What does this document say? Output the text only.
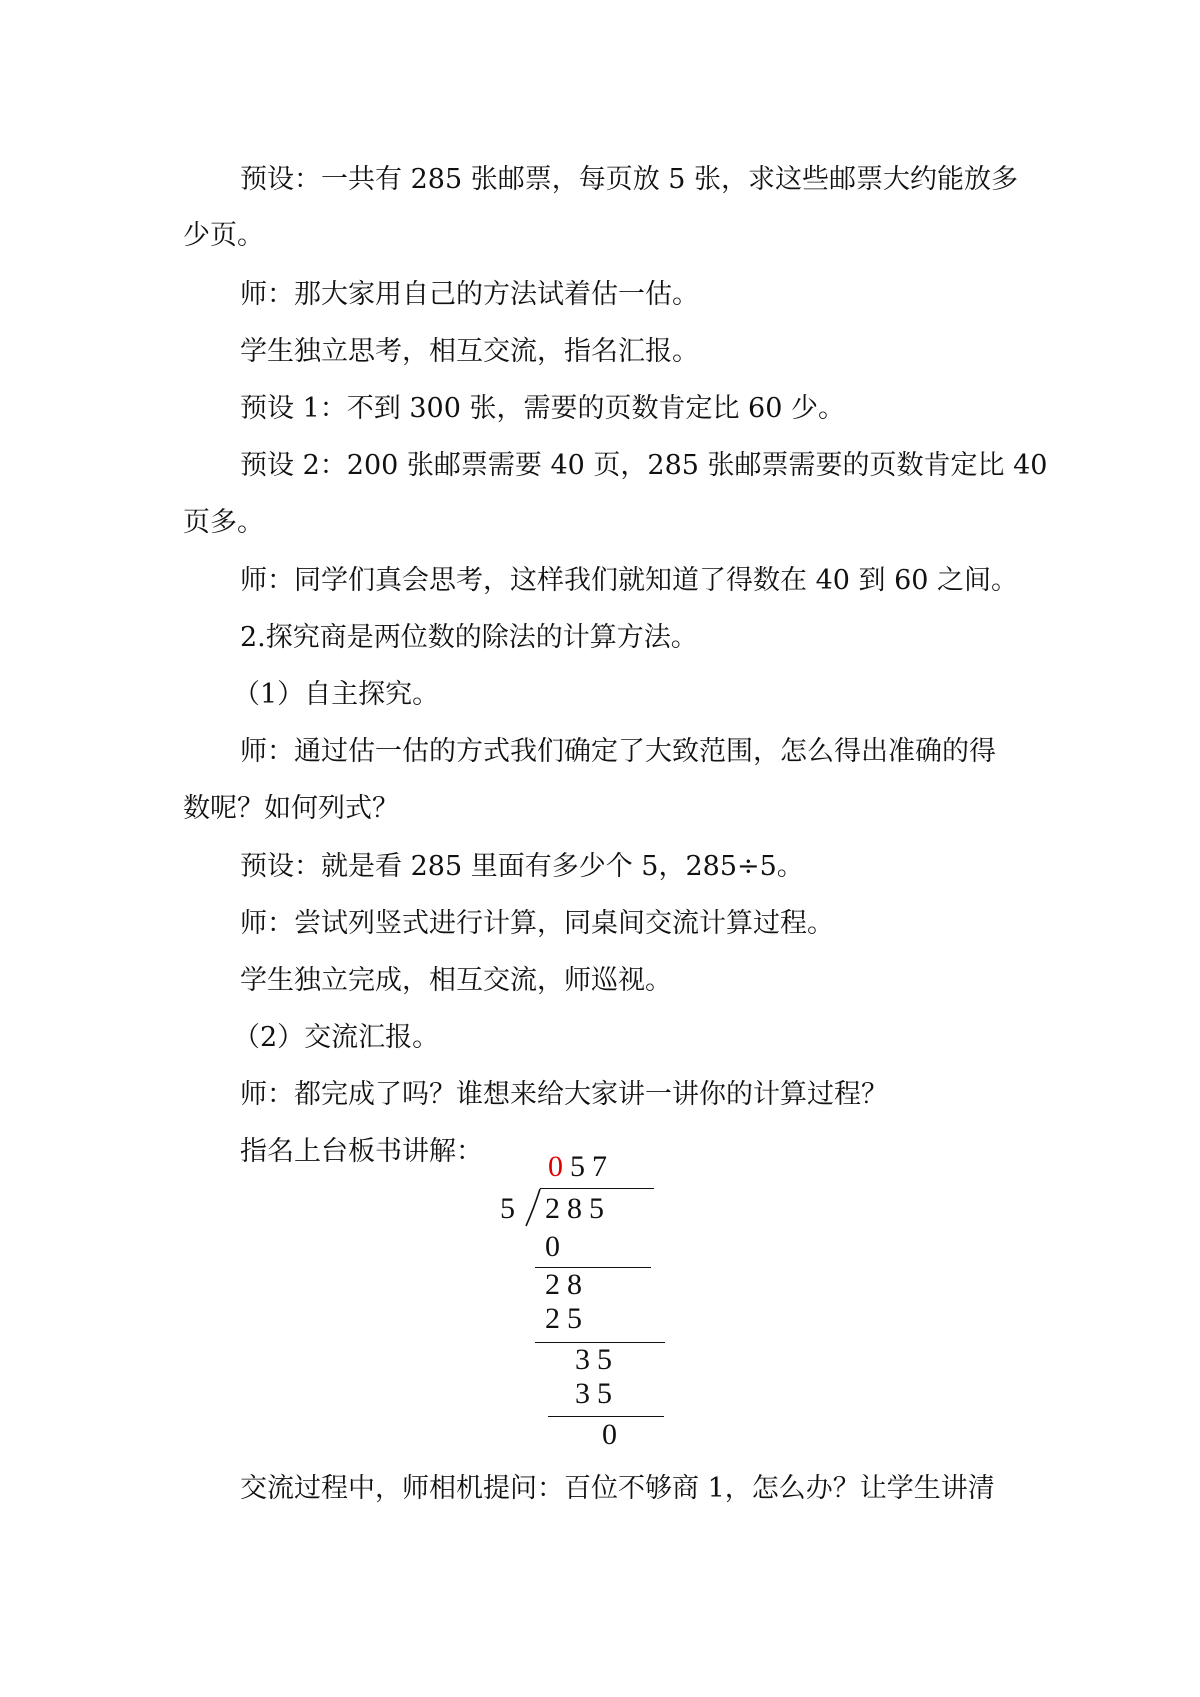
预设：一共有 285 张邮票，每页放 5 张，求这些邮票大约能放多
少页。
师：那大家用自己的方法试着估一估。
学生独立思考，相互交流，指名汇报。
预设 1：不到 300 张，需要的页数肯定比 60 少。
预设 2：200 张邮票需要 40 页，285 张邮票需要的页数肯定比 40
页多。
师：同学们真会思考，这样我们就知道了得数在 40 到 60 之间。
2.探究商是两位数的除法的计算方法。
（1）自主探究。
师：通过估一估的方式我们确定了大致范围，怎么得出准确的得
数呢？如何列式？
预设：就是看 285 里面有多少个 5，285÷5。
师：尝试列竖式进行计算，同桌间交流计算过程。
学生独立完成，相互交流，师巡视。
（2）交流汇报。
师：都完成了吗？谁想来给大家讲一讲你的计算过程？
指名上台板书讲解： 057
5 285
0
28
25
35
35
0
交流过程中，师相机提问：百位不够商 1，怎么办？让学生讲清
